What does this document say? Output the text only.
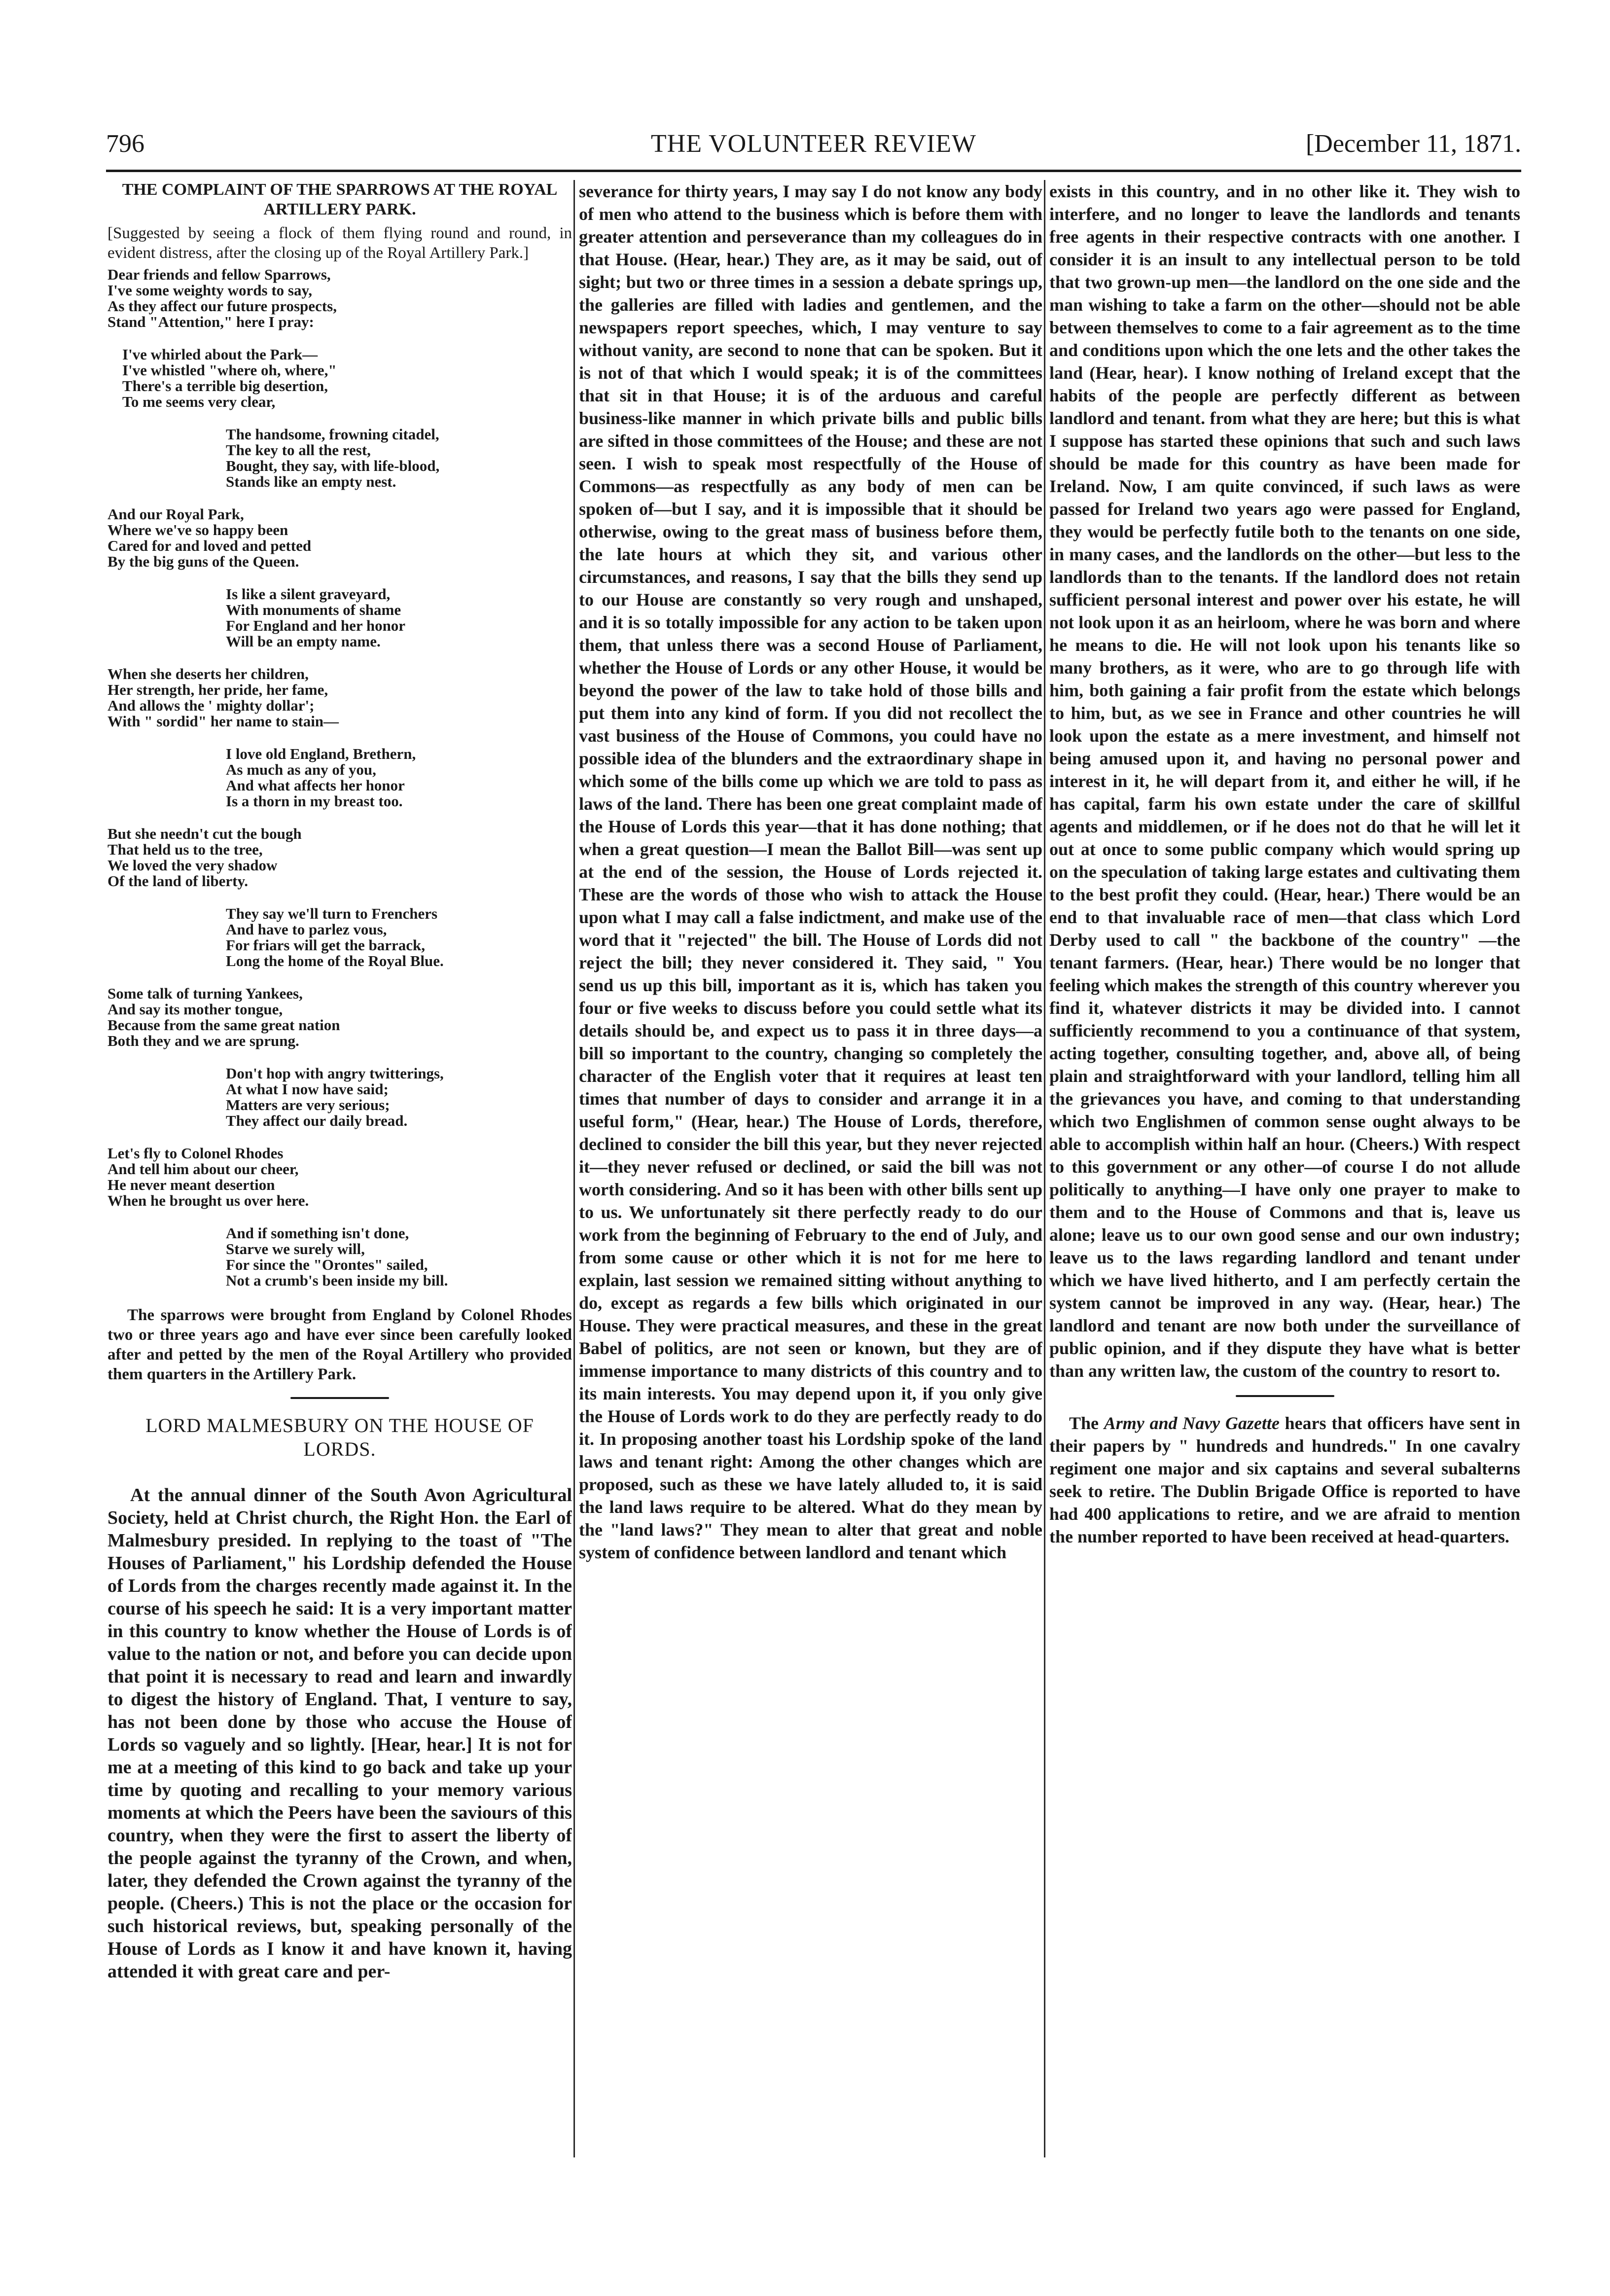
796	THE VOLUNTEER REVIEW	[December 11, 1871.
THE COMPLAINT OF THE SPARROWS AT THE ROYAL ARTILLERY PARK.
[Suggested by seeing a flock of them flying round and round, in evident distress, after the closing up of the Royal Artillery Park.]
Dear friends and fellow Sparrows,
I've some weighty words to say,
As they affect our future prospects,
Stand "Attention," here I pray:
I've whirled about the Park—
I've whistled "where oh, where,"
There's a terrible big desertion,
To me seems very clear,
The handsome, frowning citadel,
The key to all the rest,
Bought, they say, with life-blood,
Stands like an empty nest.
And our Royal Park,
Where we've so happy been
Cared for and loved and petted
By the big guns of the Queen.
Is like a silent graveyard,
With monuments of shame
For England and her honor
Will be an empty name.
When she deserts her children,
Her strength, her pride, her fame,
And allows the ' mighty dollar';
With " sordid" her name to stain—
I love old England, Brethern,
As much as any of you,
And what affects her honor
Is a thorn in my breast too.
But she needn't cut the bough
That held us to the tree,
We loved the very shadow
Of the land of liberty.
They say we'll turn to Frenchers
And have to parlez vous,
For friars will get the barrack,
Long the home of the Royal Blue.
Some talk of turning Yankees,
And say its mother tongue,
Because from the same great nation
Both they and we are sprung.
Don't hop with angry twitterings,
At what I now have said;
Matters are very serious;
They affect our daily bread.
Let's fly to Colonel Rhodes
And tell him about our cheer,
He never meant desertion
When he brought us over here.
And if something isn't done,
Starve we surely will,
For since the "Orontes" sailed,
Not a crumb's been inside my bill.

The sparrows were brought from England by Colonel Rhodes two or three years ago and have ever since been carefully looked after and petted by the men of the Royal Artillery who provided them quarters in the Artillery Park.

LORD MALMESBURY ON THE HOUSE OF LORDS.

At the annual dinner of the South Avon Agricultural Society, held at Christ church, the Right Hon. the Earl of Malmesbury presided. In replying to the toast of "The Houses of Parliament," his Lordship defended the House of Lords from the charges recently made against it. In the course of his speech he said: It is a very important matter in this country to know whether the House of Lords is of value to the nation or not, and before you can decide upon that point it is necessary to read and learn and inwardly to digest the history of England. That, I venture to say, has not been done by those who accuse the House of Lords so vaguely and so lightly. [Hear, hear.] It is not for me at a meeting of this kind to go back and take up your time by quoting and recalling to your memory various moments at which the Peers have been the saviours of this country, when they were the first to assert the liberty of the people against the tyranny of the Crown, and when, later, they defended the Crown against the tyranny of the people. (Cheers.) This is not the place or the occasion for such historical reviews, but, speaking personally of the House of Lords as I know it and have known it, having attended it with great care and per-

severance for thirty years, I may say I do not know any body of men who attend to the business which is before them with greater attention and perseverance than my colleagues do in that House. (Hear, hear.) They are, as it may be said, out of sight; but two or three times in a session a debate springs up, the galleries are filled with ladies and gentlemen, and the newspapers report speeches, which, I may venture to say without vanity, are second to none that can be spoken. But it is not of that which I would speak; it is of the committees that sit in that House; it is of the arduous and careful business-like manner in which private bills and public bills are sifted in those committees of the House; and these are not seen. I wish to speak most respectfully of the House of Commons—as respectfully as any body of men can be spoken of—but I say, and it is impossible that it should be otherwise, owing to the great mass of business before them, the late hours at which they sit, and various other circumstances, and reasons, I say that the bills they send up to our House are constantly so very rough and unshaped, and it is so totally impossible for any action to be taken upon them, that unless there was a second House of Parliament, whether the House of Lords or any other House, it would be beyond the power of the law to take hold of those bills and put them into any kind of form. If you did not recollect the vast business of the House of Commons, you could have no possible idea of the blunders and the extraordinary shape in which some of the bills come up which we are told to pass as laws of the land. There has been one great complaint made of the House of Lords this year—that it has done nothing; that when a great question—I mean the Ballot Bill—was sent up at the end of the session, the House of Lords rejected it. These are the words of those who wish to attack the House upon what I may call a false indictment, and make use of the word that it "rejected" the bill. The House of Lords did not reject the bill; they never considered it. They said, " You send us up this bill, important as it is, which has taken you four or five weeks to discuss before you could settle what its details should be, and expect us to pass it in three days—a bill so important to the country, changing so completely the character of the English voter that it requires at least ten times that number of days to consider and arrange it in a useful form," (Hear, hear.) The House of Lords, therefore, declined to consider the bill this year, but they never rejected it—they never refused or declined, or said the bill was not worth considering. And so it has been with other bills sent up to us. We unfortunately sit there perfectly ready to do our work from the beginning of February to the end of July, and from some cause or other which it is not for me here to explain, last session we remained sitting without anything to do, except as regards a few bills which originated in our House. They were practical measures, and these in the great Babel of politics, are not seen or known, but they are of immense importance to many districts of this country and to its main interests. You may depend upon it, if you only give the House of Lords work to do they are perfectly ready to do it. In proposing another toast his Lordship spoke of the land laws and tenant right: Among the other changes which are proposed, such as these we have lately alluded to, it is said the land laws require to be altered. What do they mean by the "land laws?" They mean to alter that great and noble system of confidence between landlord and tenant which

exists in this country, and in no other like it. They wish to interfere, and no longer to leave the landlords and tenants free agents in their respective contracts with one another. I consider it is an insult to any intellectual person to be told that two grown-up men—the landlord on the one side and the man wishing to take a farm on the other—should not be able between themselves to come to a fair agreement as to the time and conditions upon which the one lets and the other takes the land (Hear, hear). I know nothing of Ireland except that the habits of the people are perfectly different as between landlord and tenant. from what they are here; but this is what I suppose has started these opinions that such and such laws should be made for this country as have been made for Ireland. Now, I am quite convinced, if such laws as were passed for Ireland two years ago were passed for England, they would be perfectly futile both to the tenants on one side, in many cases, and the landlords on the other—but less to the landlords than to the tenants. If the landlord does not retain sufficient personal interest and power over his estate, he will not look upon it as an heirloom, where he was born and where he means to die. He will not look upon his tenants like so many brothers, as it were, who are to go through life with him, both gaining a fair profit from the estate which belongs to him, but, as we see in France and other countries he will look upon the estate as a mere investment, and himself not being amused upon it, and having no personal power and interest in it, he will depart from it, and either he will, if he has capital, farm his own estate under the care of skillful agents and middlemen, or if he does not do that he will let it out at once to some public company which would spring up on the speculation of taking large estates and cultivating them to the best profit they could. (Hear, hear.) There would be an end to that invaluable race of men—that class which Lord Derby used to call " the backbone of the country" —the tenant farmers. (Hear, hear.) There would be no longer that feeling which makes the strength of this country wherever you find it, whatever districts it may be divided into. I cannot sufficiently recommend to you a continuance of that system, acting together, consulting together, and, above all, of being plain and straightforward with your landlord, telling him all the grievances you have, and coming to that understanding which two Englishmen of common sense ought always to be able to accomplish within half an hour. (Cheers.) With respect to this government or any other—of course I do not allude politically to anything—I have only one prayer to make to them and to the House of Commons and that is, leave us alone; leave us to our own good sense and our own industry; leave us to the laws regarding landlord and tenant under which we have lived hitherto, and I am perfectly certain the system cannot be improved in any way. (Hear, hear.) The landlord and tenant are now both under the surveillance of public opinion, and if they dispute they have what is better than any written law, the custom of the country to resort to.

The Army and Navy Gazette hears that officers have sent in their papers by " hundreds and hundreds." In one cavalry regiment one major and six captains and several subalterns seek to retire. The Dublin Brigade Office is reported to have had 400 applications to retire, and we are afraid to mention the number reported to have been received at head-quarters.
